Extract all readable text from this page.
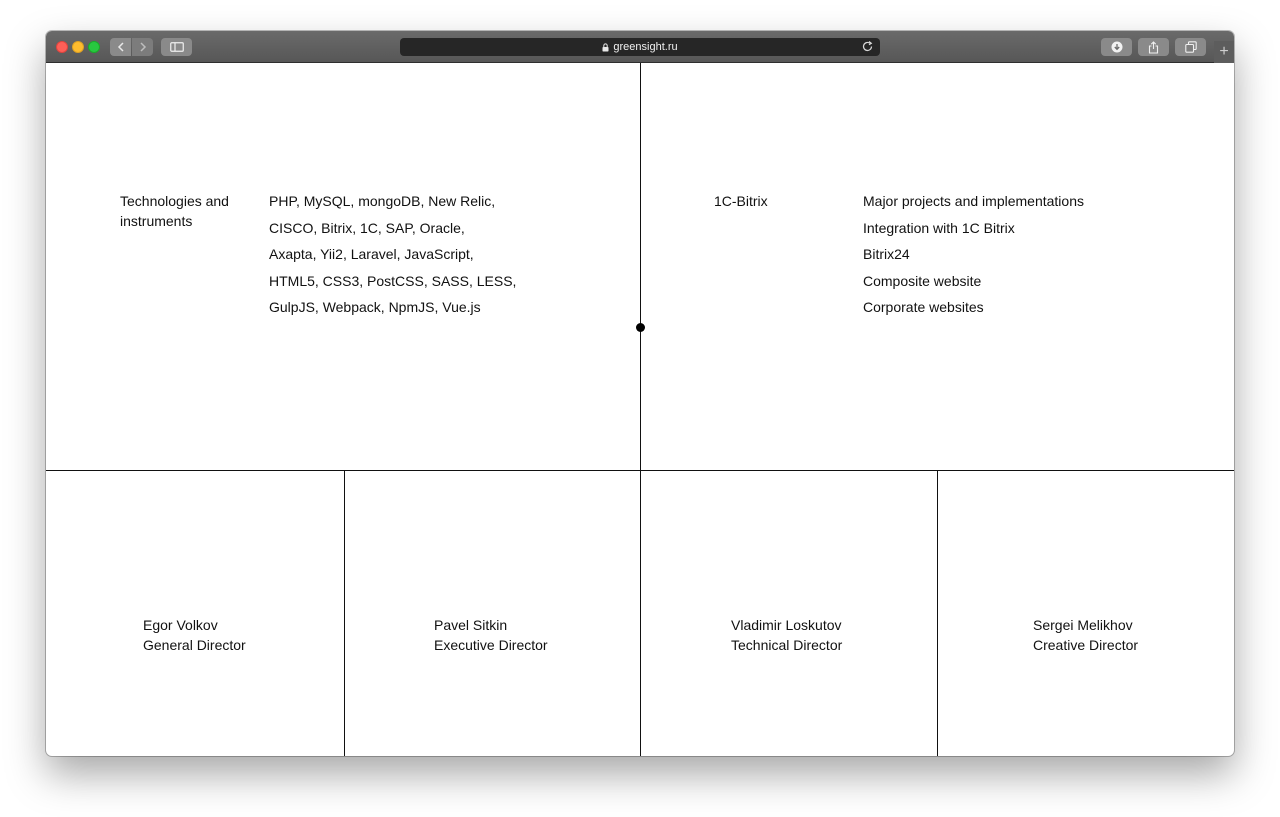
greensight.ru	+
Technologies and
instruments
PHP, MySQL, mongoDB, New Relic,
CISCO, Bitrix, 1C, SAP, Oracle,
Axapta, Yii2, Laravel, JavaScript,
HTML5, CSS3, PostCSS, SASS, LESS,
GulpJS, Webpack, NpmJS, Vue.js
1C-Bitrix	Major projects and implementations
Integration with 1C Bitrix
Bitrix24
Composite website
Corporate websites
Egor Volkov
General Director
Pavel Sitkin
Executive Director
Vladimir Loskutov
Technical Director
Sergei Melikhov
Creative Director
